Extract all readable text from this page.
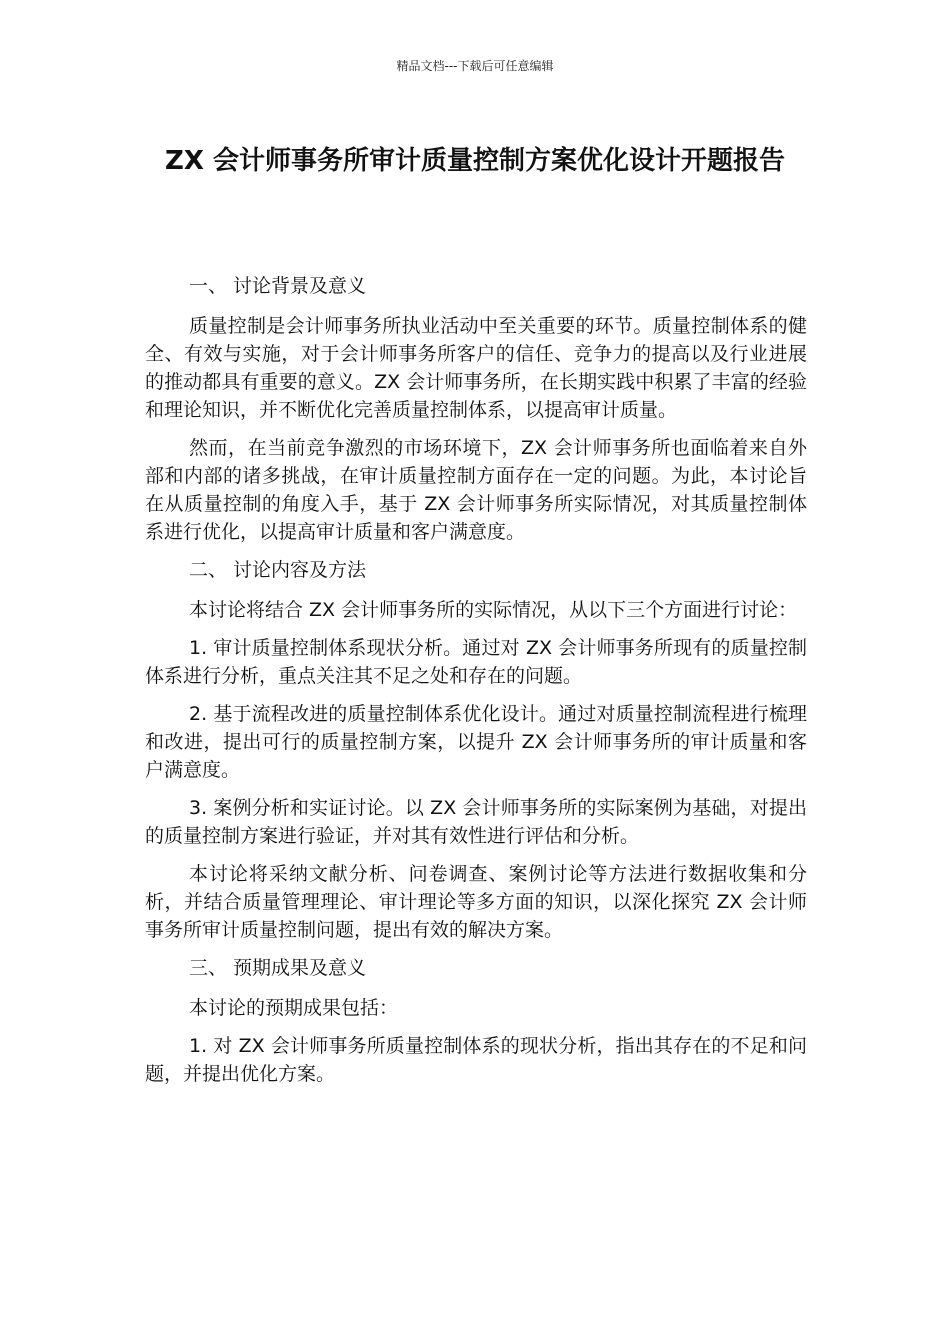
精品文档---下载后可任意编辑
ZX 会计师事务所审计质量控制方案优化设计开题报告

一、 讨论背景及意义

质量控制是会计师事务所执业活动中至关重要的环节。质量控制体系的健全、有效与实施，对于会计师事务所客户的信任、竞争力的提高以及行业进展的推动都具有重要的意义。ZX 会计师事务所，在长期实践中积累了丰富的经验和理论知识，并不断优化完善质量控制体系，以提高审计质量。

然而，在当前竞争激烈的市场环境下，ZX 会计师事务所也面临着来自外部和内部的诸多挑战，在审计质量控制方面存在一定的问题。为此，本讨论旨在从质量控制的角度入手，基于 ZX 会计师事务所实际情况，对其质量控制体系进行优化，以提高审计质量和客户满意度。

二、 讨论内容及方法

本讨论将结合 ZX 会计师事务所的实际情况，从以下三个方面进行讨论：

1. 审计质量控制体系现状分析。通过对 ZX 会计师事务所现有的质量控制体系进行分析，重点关注其不足之处和存在的问题。

2. 基于流程改进的质量控制体系优化设计。通过对质量控制流程进行梳理和改进，提出可行的质量控制方案，以提升 ZX 会计师事务所的审计质量和客户满意度。

3. 案例分析和实证讨论。以 ZX 会计师事务所的实际案例为基础，对提出的质量控制方案进行验证，并对其有效性进行评估和分析。

本讨论将采纳文献分析、问卷调查、案例讨论等方法进行数据收集和分析，并结合质量管理理论、审计理论等多方面的知识，以深化探究 ZX 会计师事务所审计质量控制问题，提出有效的解决方案。

三、 预期成果及意义

本讨论的预期成果包括：

1. 对 ZX 会计师事务所质量控制体系的现状分析，指出其存在的不足和问题，并提出优化方案。
